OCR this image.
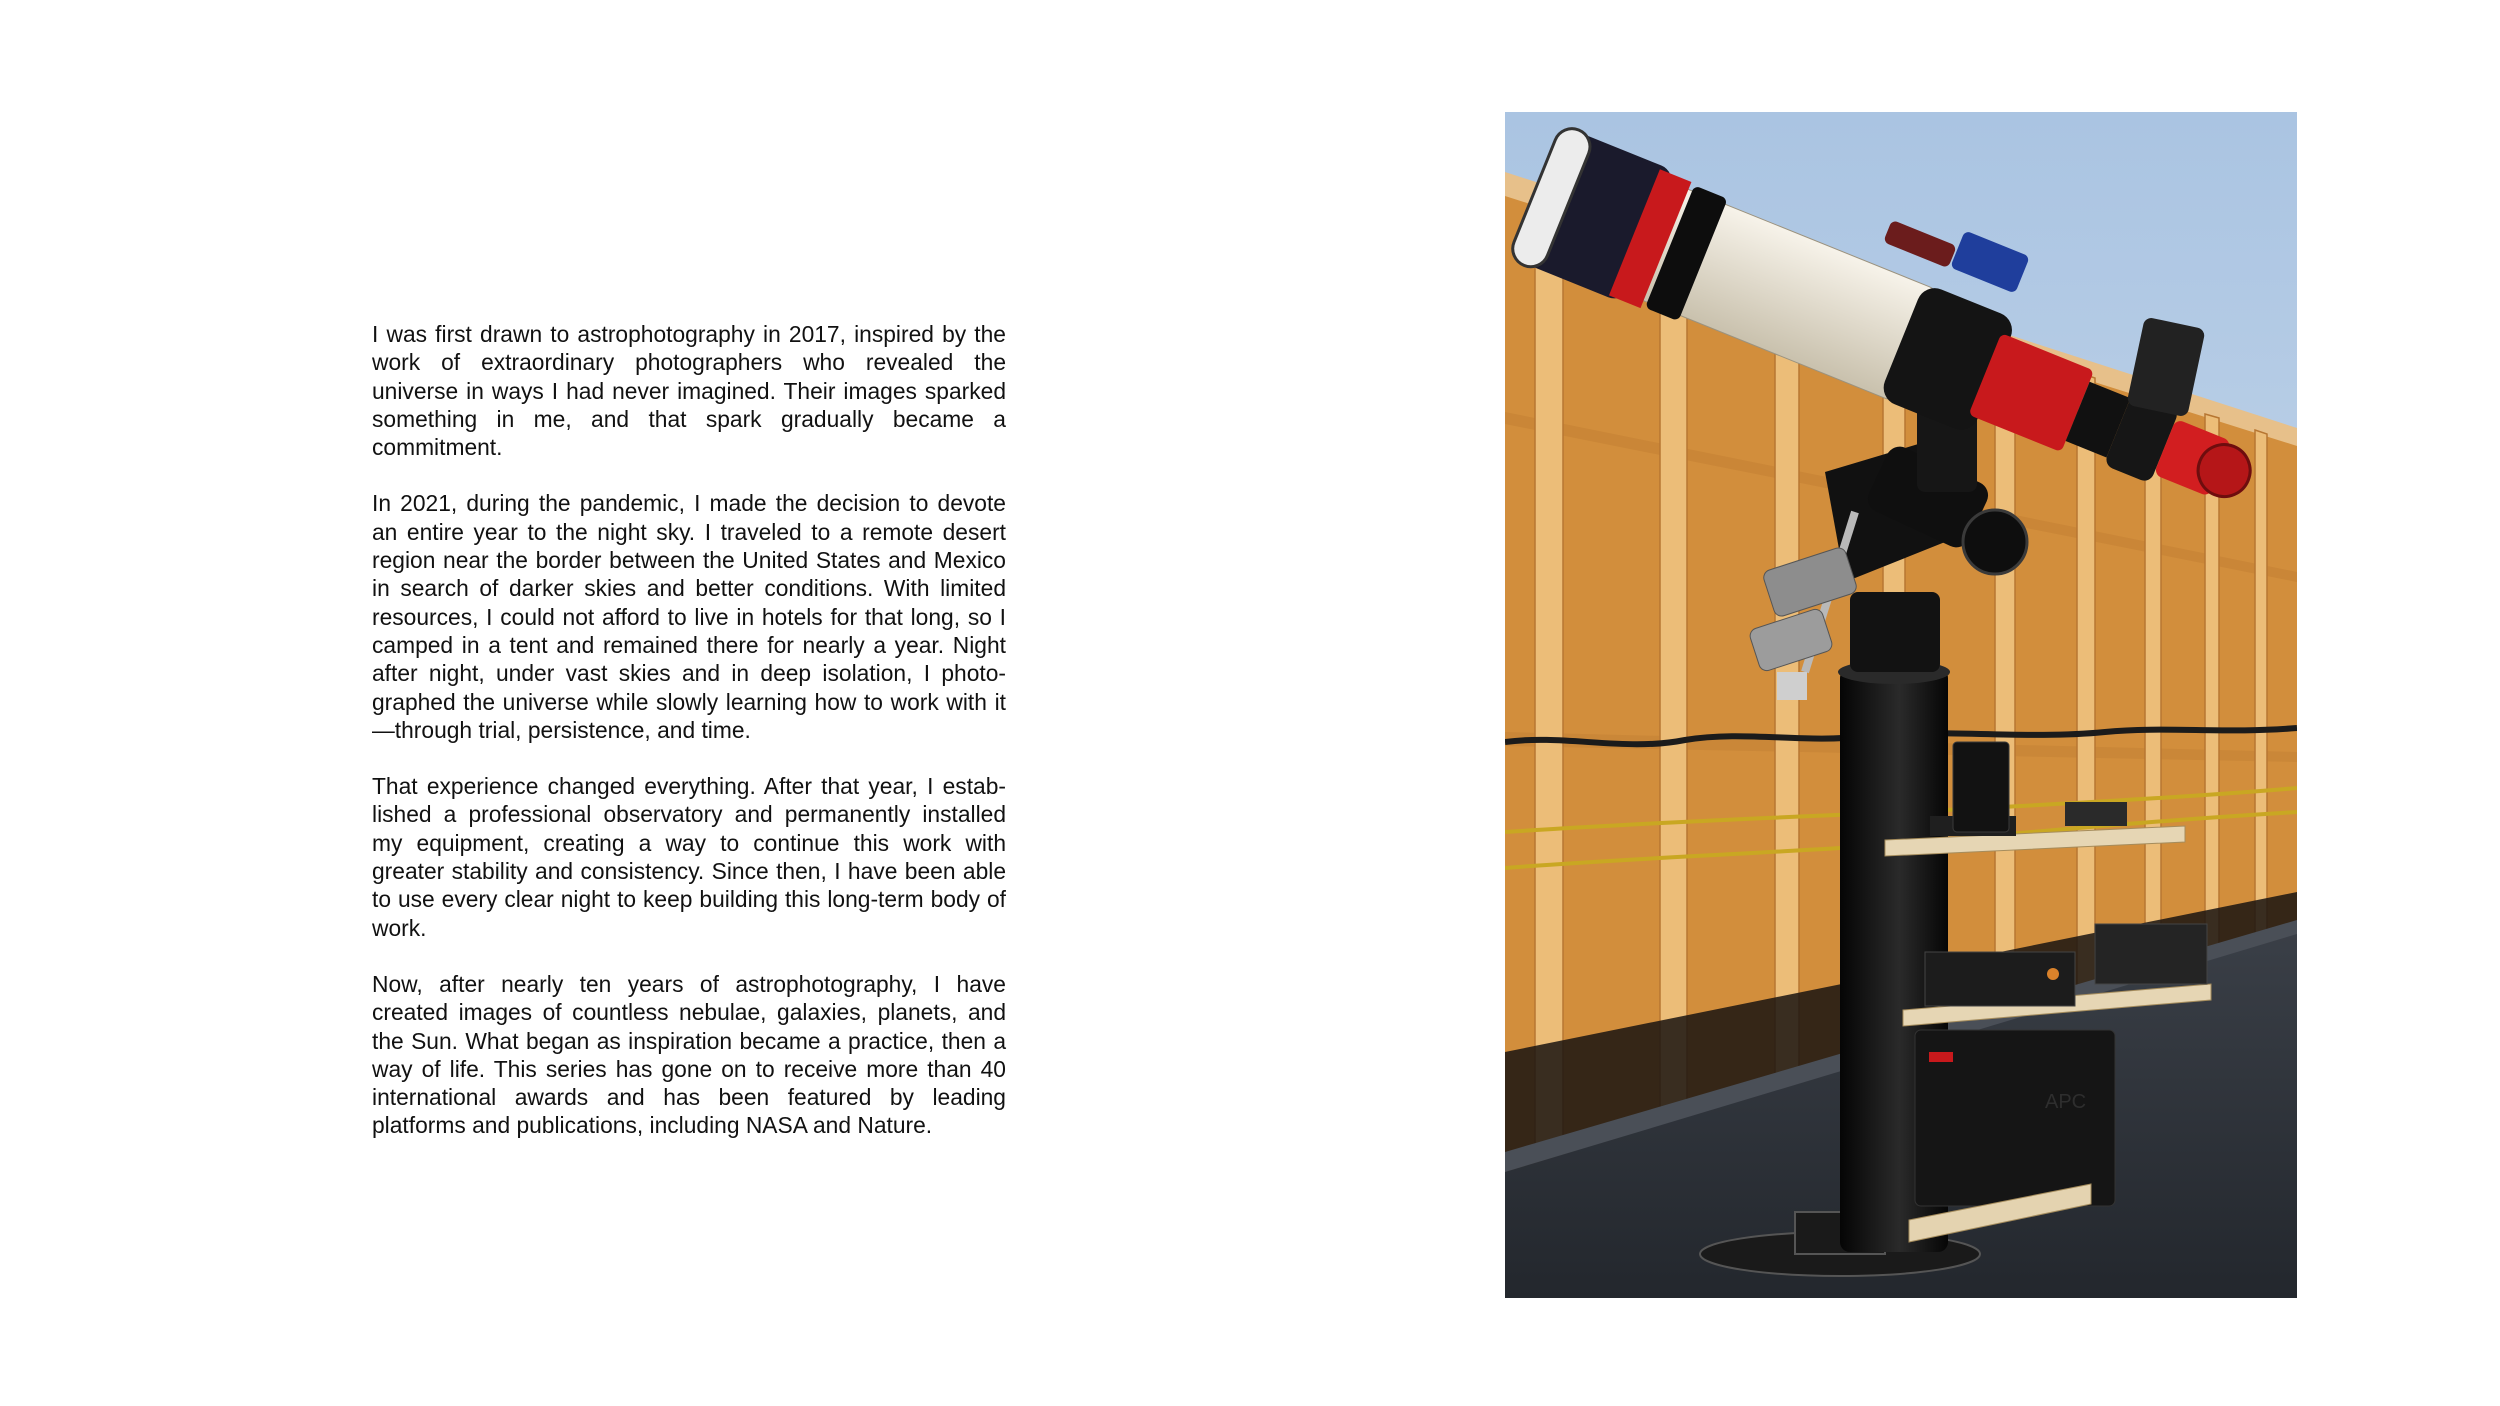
I was first drawn to astrophotography in 2017, inspired by the work of extraordinary photographers who revealed the universe in ways I had never imagined. Their images sparked something in me, and that spark gradually became a commitment.

In 2021, during the pandemic, I made the decision to devote an entire year to the night sky. I traveled to a remote desert region near the border between the United States and Mexico in search of darker skies and better conditions. With limited resources, I could not afford to live in hotels for that long, so I camped in a tent and remained there for nearly a year. Night after night, under vast skies and in deep isolation, I photographed the universe while slowly learning how to work with it—through trial, persistence, and time.

That experience changed everything. After that year, I established a professional observatory and permanently installed my equipment, creating a way to continue this work with greater stability and consistency. Since then, I have been able to use every clear night to keep building this long-term body of work.

Now, after nearly ten years of astrophotography, I have created images of countless nebulae, galaxies, planets, and the Sun. What began as inspiration became a practice, then a way of life. This series has gone on to receive more than 40 international awards and has been featured by leading platforms and publications, including NASA and Nature.

APC
